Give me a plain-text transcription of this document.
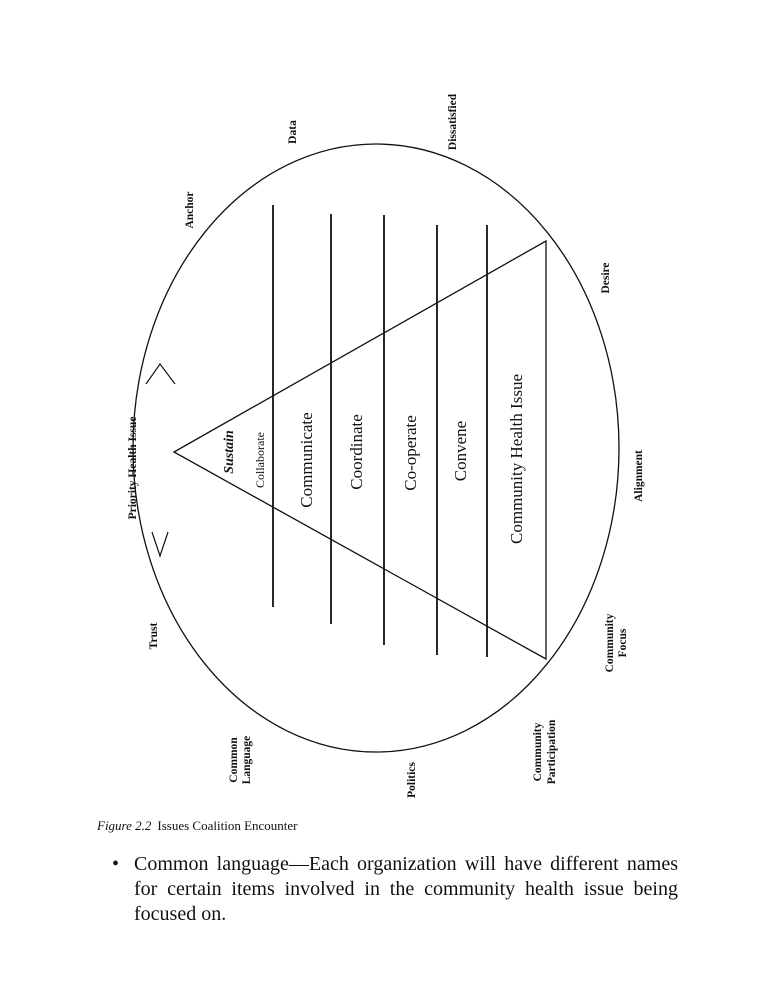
Data	Dissatisfied
Anchor
Desire
Priority Health Issue	Alignment
Trust	Community Focus
Common Language	Politics	Community Participation
Sustain Collaborate Communicate Coordinate Co-operate Convene Community Health Issue
Figure 2.2 Issues Coalition Encounter
• Common language—Each organization will have different names for certain items involved in the community health issue being focused on.
